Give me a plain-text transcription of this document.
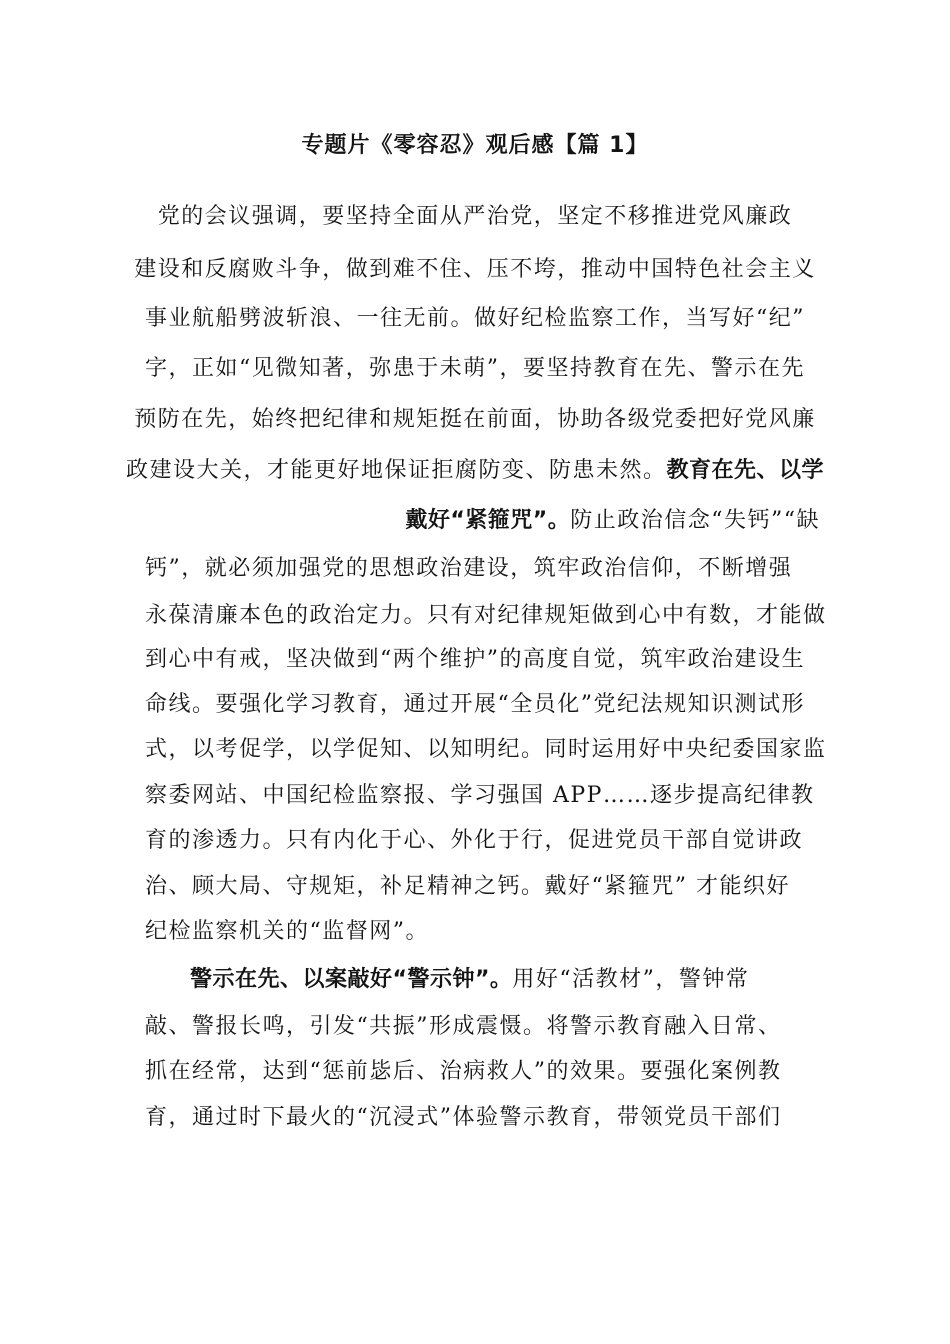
专题片《零容忍》观后感【篇 1】
党的会议强调，要坚持全面从严治党，坚定不移推进党风廉政
建设和反腐败斗争，做到难不住、压不垮，推动中国特色社会主义
事业航船劈波斩浪、一往无前。做好纪检监察工作，当写好“纪”
字，正如“见微知著，弥患于未萌”，要坚持教育在先、警示在先
预防在先，始终把纪律和规矩挺在前面，协助各级党委把好党风廉
政建设大关，才能更好地保证拒腐防变、防患未然。教育在先、以学
戴好“紧箍咒”。防止政治信念“失钙”“缺
钙”，就必须加强党的思想政治建设，筑牢政治信仰，不断增强
永葆清廉本色的政治定力。只有对纪律规矩做到心中有数，才能做
到心中有戒，坚决做到“两个维护”的高度自觉，筑牢政治建设生
命线。要强化学习教育，通过开展“全员化”党纪法规知识测试形
式，以考促学，以学促知、以知明纪。同时运用好中央纪委国家监
察委网站、中国纪检监察报、学习强国 APP……逐步提高纪律教
育的渗透力。只有内化于心、外化于行，促进党员干部自觉讲政
治、顾大局、守规矩，补足精神之钙。戴好“紧箍咒” 才能织好
纪检监察机关的“监督网”。
警示在先、以案敲好“警示钟”。用好“活教材”，警钟常
敲、警报长鸣，引发“共振”形成震慑。将警示教育融入日常、
抓在经常，达到“惩前毖后、治病救人”的效果。要强化案例教
育，通过时下最火的“沉浸式”体验警示教育，带领党员干部们
